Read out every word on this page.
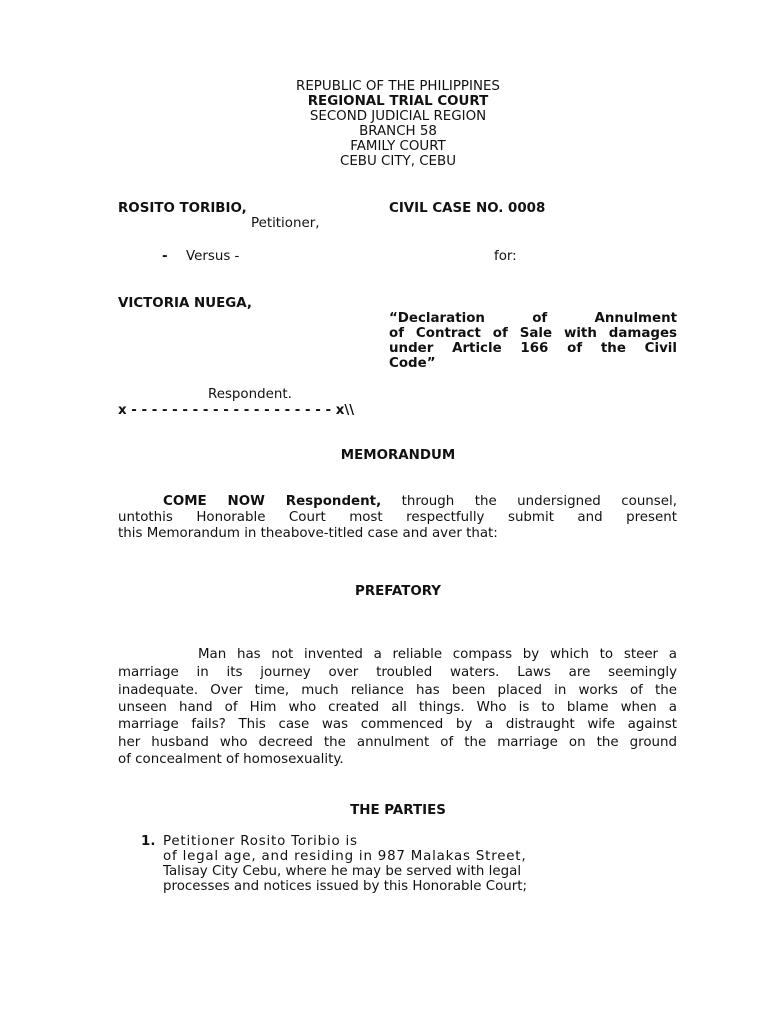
REPUBLIC OF THE PHILIPPINES
REGIONAL TRIAL COURT
SECOND JUDICIAL REGION
BRANCH 58
FAMILY COURT
CEBU CITY, CEBU
ROSITO TORIBIO,
Petitioner,
CIVIL CASE NO. 0008
- Versus -	for:
VICTORIA NUEGA,
“Declaration of Annulment
of Contract of Sale with damages
under Article 166 of the Civil
Code”
Respondent.
x - - - - - - - - - - - - - - - - - - - - x\\
MEMORANDUM
COME NOW Respondent, through the undersigned counsel,
untothis Honorable Court most respectfully submit and present
this Memorandum in theabove-titled case and aver that:
PREFATORY
Man has not invented a reliable compass by which to steer a
marriage in its journey over troubled waters. Laws are seemingly
inadequate. Over time, much reliance has been placed in works of the
unseen hand of Him who created all things. Who is to blame when a
marriage fails? This case was commenced by a distraught wife against
her husband who decreed the annulment of the marriage on the ground
of concealment of homosexuality.
THE PARTIES
1. Petitioner Rosito Toribio is
of legal age, and residing in 987 Malakas Street,
Talisay City Cebu, where he may be served with legal
processes and notices issued by this Honorable Court;
